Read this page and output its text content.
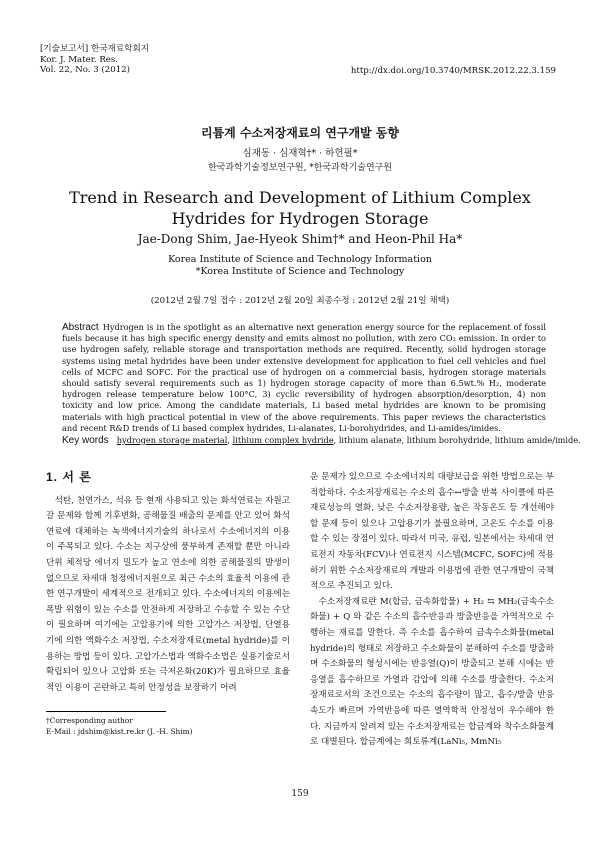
[기술보고서] 한국재료학회지
Kor. J. Mater. Res.
Vol. 22, No. 3 (2012)	http://dx.doi.org/10.3740/MRSK.2012.22.3.159
리튬계 수소저장재료의 연구개발 동향
심재동 · 심재혁†* · 하헌필*
한국과학기술정보연구원, *한국과학기술연구원
Trend in Research and Development of Lithium Complex
Hydrides for Hydrogen Storage
Jae-Dong Shim, Jae-Hyeok Shim†* and Heon-Phil Ha*
Korea Institute of Science and Technology Information
*Korea Institute of Science and Technology
(2012년 2월 7일 접수 : 2012년 2월 20일 최종수정 : 2012년 2월 21일 채택)
Abstract Hydrogen is in the spotlight as an alternative next generation energy source for the replacement of fossil fuels because it has high specific energy density and emits almost no pollution, with zero CO₂ emission. In order to use hydrogen safely, reliable storage and transportation methods are required. Recently, solid hydrogen storage systems using metal hydrides have been under extensive development for application to fuel cell vehicles and fuel cells of MCFC and SOFC. For the practical use of hydrogen on a commercial basis, hydrogen storage materials should satisfy several requirements such as 1) hydrogen storage capacity of more than 6.5wt.% H₂, moderate hydrogen release temperature below 100°C, 3) cyclic reversibility of hydrogen absorption/desorption, 4) non toxicity and low price. Among the candidate materials, Li based metal hydrides are known to be promising materials with high practical potential in view of the above requirements. This paper reviews the characteristics and recent R&D trends of Li based complex hydrides, Li-alanates, Li-borohydrides, and Li-amides/imides.
Key words hydrogen storage material, lithium complex hydride, lithium alanate, lithium borohydride, lithium amide/imide.
1. 서 론

석탄, 천연가스, 석유 등 현재 사용되고 있는 화석연료는 자원고갈 문제와 함께 기후변화, 공해물질 배출의 문제를 안고 있어 화석연료에 대체하는 녹색에너지기술의 하나로서 수소에너지의 이용이 주목되고 있다. 수소는 지구상에 풍부하게 존재할 뿐만 아니라 단위 체적당 에너지 밀도가 높고 연소에 의한 공해물질의 발생이 없으므로 차세대 청정에너지원으로 최근 수소의 효율적 이용에 관한 연구개발이 세계적으로 전개되고 있다. 수소에너지의 이용에는 폭발 위험이 있는 수소를 안전하게 저장하고 수송할 수 있는 수단이 필요하며 여기에는 고압용기에 의한 고압가스 저장법, 단열용기에 의한 액화수소 저장법, 수소저장재료(metal hydride)를 이용하는 방법 등이 있다. 고압가스법과 액화수소법은 실용기술로서 확립되어 있으나 고압화 또는 극저온화(20K)가 필요하므로 효율적인 이용이 곤란하고 특히 안정성을 보장하기 어려

운 문제가 있으므로 수소에너지의 대량보급을 위한 방법으로는 부적합하다. 수소저장재료는 수소의 흡수↔방출 반복 사이클에 따른 재료성능의 열화, 낮은 수소저장용량, 높은 작동온도 등 개선해야 할 문제 등이 있으나 고압용기가 불필요하며, 고온도 수소를 이용할 수 있는 장점이 있다. 따라서 미국, 유럽, 일본에서는 차세대 연료전지 자동차(FCV)나 연료전지 시스템(MCFC, SOFC)에 적용하기 위한 수소저장재료의 개발과 이용법에 관한 연구개발이 국책적으로 추진되고 있다.

수소저장재료란 M(합금, 금속화합물) + H₂ ⇆ MH₂(금속수소화물) + Q 와 같은 수소의 흡수반응과 방출반응을 가역적으로 수행하는 재료를 말한다. 즉 수소를 흡수하여 금속수소화물(metal hydride)의 형태로 저장하고 수소화물이 분해하여 수소를 방출하며 수소화물의 형성시에는 반응열(Q)이 방출되고 분해 시에는 반응열을 흡수하므로 가열과 감압에 의해 수소를 방출한다. 수소저장재료로서의 조건으로는 수소의 흡수량이 많고, 흡수/방출 반응속도가 빠르며 가역반응에 따른 열역학적 안정성이 우수해야 한다. 지금까지 알려져 있는 수소저장재료는 합금계와 착수소화물계로 대별된다. 합금계에는 희토류계(LaNi₅, MmNi₅

†Corresponding author
E-Mail : jdshim@kist.re.kr (J. -H. Shim)
159
